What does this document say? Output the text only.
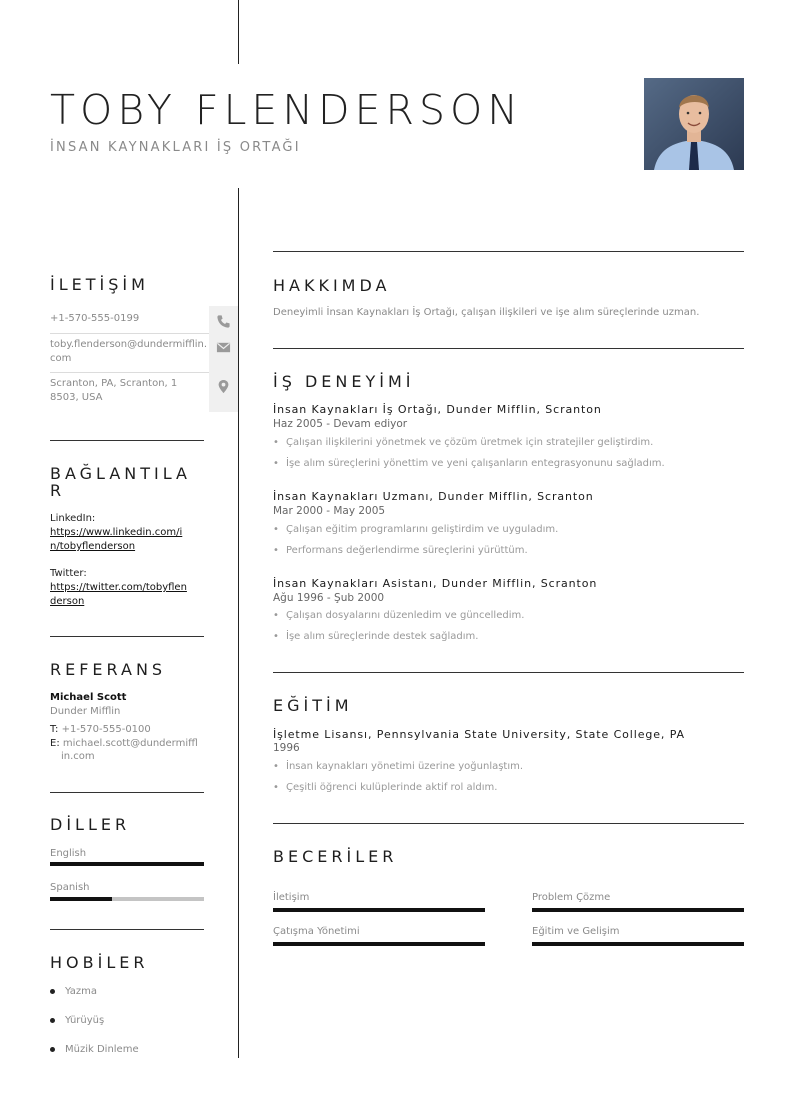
TOBY FLENDERSON
İNSAN KAYNAKLARI İŞ ORTAĞI
İLETİŞİM
+1-570-555-0199
toby.flenderson@dundermifflin.com
Scranton, PA, Scranton, 18503, USA
BAĞLANTILA
R
LinkedIn:
https://www.linkedin.com/i
n/tobyflenderson
Twitter:
https://twitter.com/tobyflen
derson
REFERANS
Michael Scott
Dunder Mifflin
T: +1-570-555-0100
E: michael.scott@dundermiffl
in.com
DİLLER
English
Spanish
HOBİLER
Yazma
Yürüyüş
Müzik Dinleme
HAKKIMDA
Deneyimli İnsan Kaynakları İş Ortağı, çalışan ilişkileri ve işe alım süreçlerinde uzman.
İŞ DENEYİMİ
İnsan Kaynakları İş Ortağı, Dunder Mifflin, Scranton
Haz 2005 - Devam ediyor
• Çalışan ilişkilerini yönetmek ve çözüm üretmek için stratejiler geliştirdim.
• İşe alım süreçlerini yönettim ve yeni çalışanların entegrasyonunu sağladım.
İnsan Kaynakları Uzmanı, Dunder Mifflin, Scranton
Mar 2000 - May 2005
• Çalışan eğitim programlarını geliştirdim ve uyguladım.
• Performans değerlendirme süreçlerini yürüttüm.
İnsan Kaynakları Asistanı, Dunder Mifflin, Scranton
Ağu 1996 - Şub 2000
• Çalışan dosyalarını düzenledim ve güncelledim.
• İşe alım süreçlerinde destek sağladım.
EĞİTİM
İşletme Lisansı, Pennsylvania State University, State College, PA
1996
• İnsan kaynakları yönetimi üzerine yoğunlaştım.
• Çeşitli öğrenci kulüplerinde aktif rol aldım.
BECERİLER
İletişim	Problem Çözme
Çatışma Yönetimi	Eğitim ve Gelişim
